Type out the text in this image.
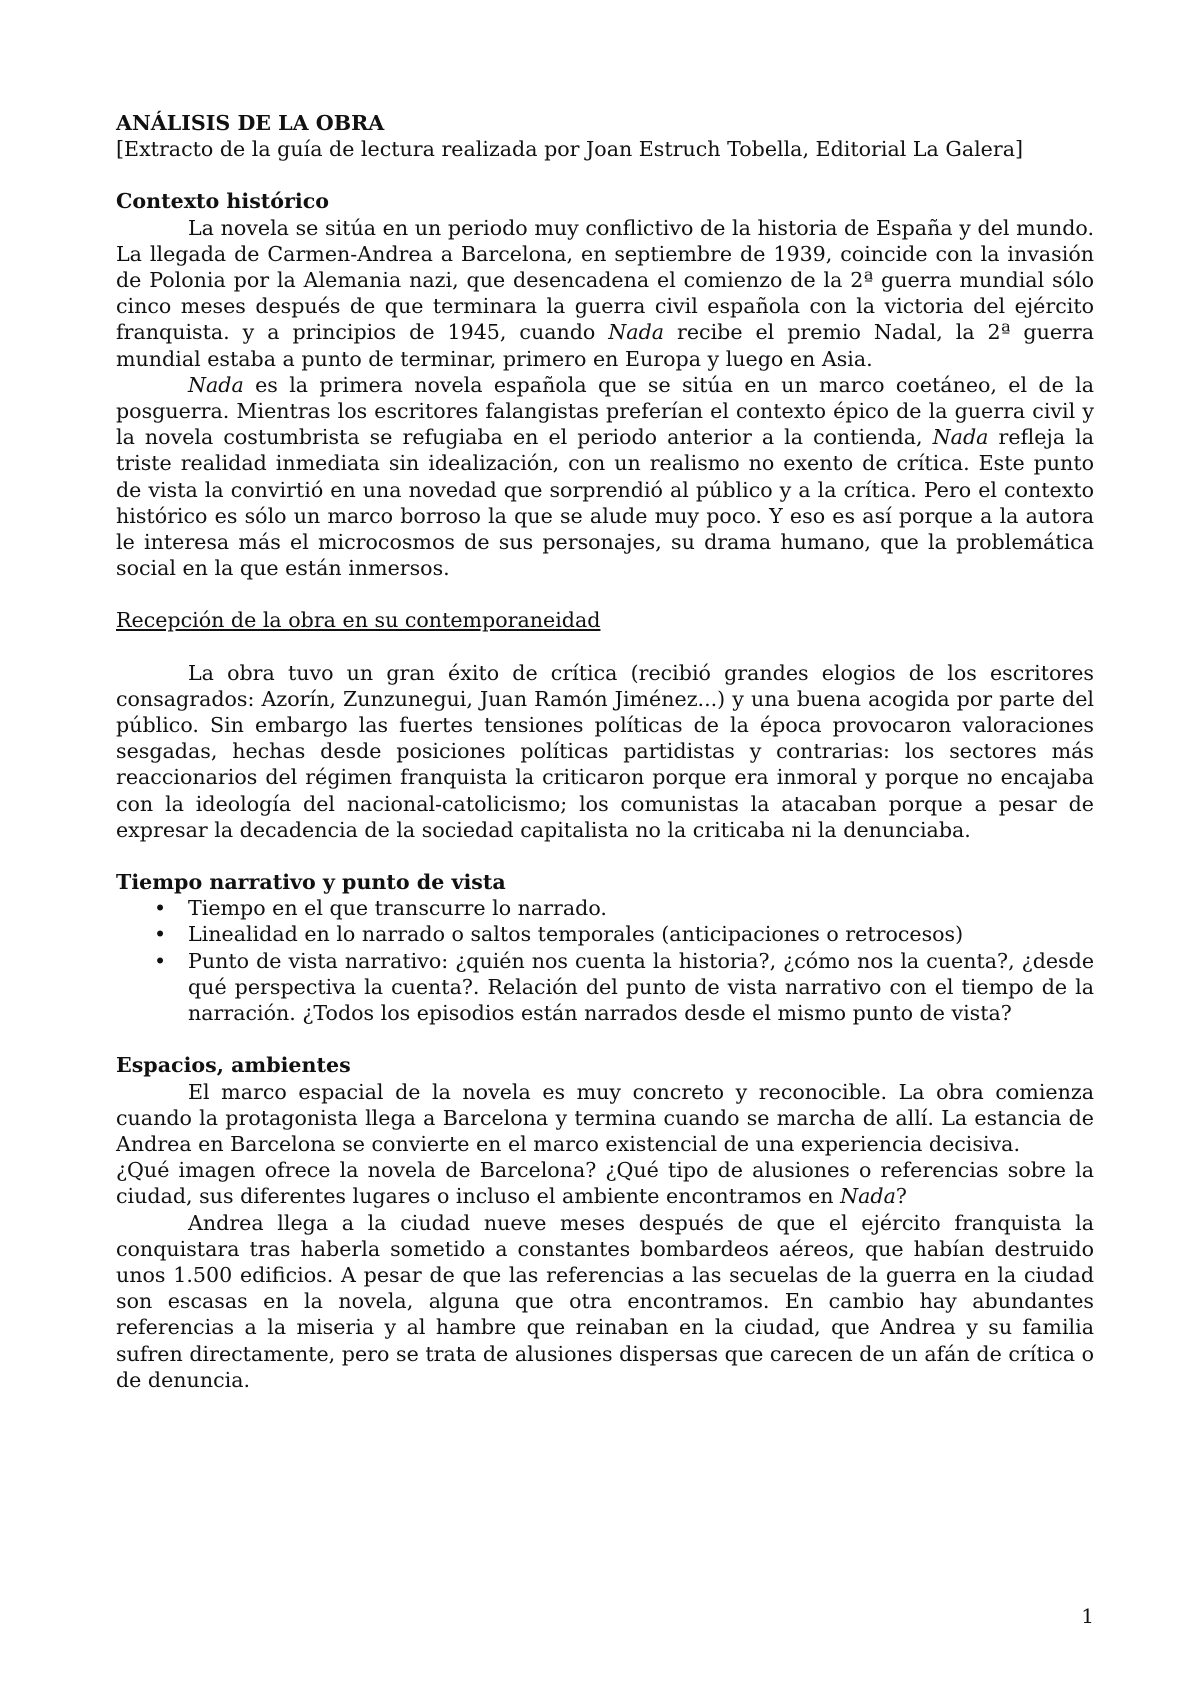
ANÁLISIS DE LA OBRA

[Extracto de la guía de lectura realizada por Joan Estruch Tobella, Editorial La Galera]

Contexto histórico

La novela se sitúa en un periodo muy conflictivo de la historia de España y del mundo. La llegada de Carmen-Andrea a Barcelona, en septiembre de 1939, coincide con la invasión de Polonia por la Alemania nazi, que desencadena el comienzo de la 2ª guerra mundial sólo cinco meses después de que terminara la guerra civil española con la victoria del ejército franquista. y a principios de 1945, cuando Nada recibe el premio Nadal, la 2ª guerra mundial estaba a punto de terminar, primero en Europa y luego en Asia.

Nada es la primera novela española que se sitúa en un marco coetáneo, el de la posguerra. Mientras los escritores falangistas preferían el contexto épico de la guerra civil y la novela costumbrista se refugiaba en el periodo anterior a la contienda, Nada refleja la triste realidad inmediata sin idealización, con un realismo no exento de crítica. Este punto de vista la convirtió en una novedad que sorprendió al público y a la crítica. Pero el contexto histórico es sólo un marco borroso la que se alude muy poco. Y eso es así porque a la autora le interesa más el microcosmos de sus personajes, su drama humano, que la problemática social en la que están inmersos.

Recepción de la obra en su contemporaneidad

La obra tuvo un gran éxito de crítica (recibió grandes elogios de los escritores consagrados: Azorín, Zunzunegui, Juan Ramón Jiménez...) y una buena acogida por parte del público. Sin embargo las fuertes tensiones políticas de la época provocaron valoraciones sesgadas, hechas desde posiciones políticas partidistas y contrarias: los sectores más reaccionarios del régimen franquista la criticaron porque era inmoral y porque no encajaba con la ideología del nacional-catolicismo; los comunistas la atacaban porque a pesar de expresar la decadencia de la sociedad capitalista no la criticaba ni la denunciaba.

Tiempo narrativo y punto de vista

• Tiempo en el que transcurre lo narrado.
• Linealidad en lo narrado o saltos temporales (anticipaciones o retrocesos)
• Punto de vista narrativo: ¿quién nos cuenta la historia?, ¿cómo nos la cuenta?, ¿desde qué perspectiva la cuenta?. Relación del punto de vista narrativo con el tiempo de la narración. ¿Todos los episodios están narrados desde el mismo punto de vista?

Espacios, ambientes

El marco espacial de la novela es muy concreto y reconocible. La obra comienza cuando la protagonista llega a Barcelona y termina cuando se marcha de allí. La estancia de Andrea en Barcelona se convierte en el marco existencial de una experiencia decisiva.

¿Qué imagen ofrece la novela de Barcelona? ¿Qué tipo de alusiones o referencias sobre la ciudad, sus diferentes lugares o incluso el ambiente encontramos en Nada?

Andrea llega a la ciudad nueve meses después de que el ejército franquista la conquistara tras haberla sometido a constantes bombardeos aéreos, que habían destruido unos 1.500 edificios. A pesar de que las referencias a las secuelas de la guerra en la ciudad son escasas en la novela, alguna que otra encontramos. En cambio hay abundantes referencias a la miseria y al hambre que reinaban en la ciudad, que Andrea y su familia sufren directamente, pero se trata de alusiones dispersas que carecen de un afán de crítica o de denuncia.

1
